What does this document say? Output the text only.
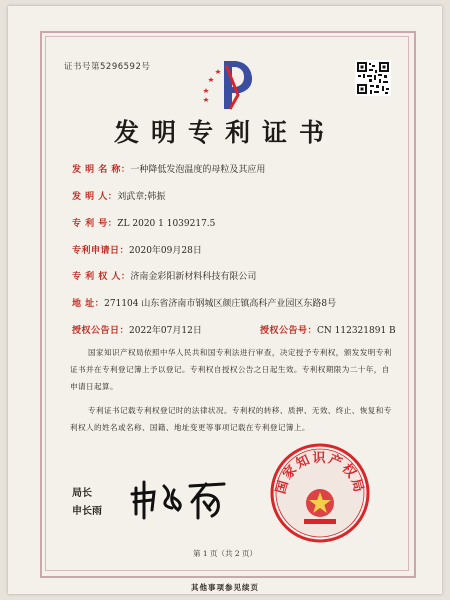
证书号第5296592号
发明专利证书
发 明 名 称：一种降低发泡温度的母粒及其应用
发 明 人：刘武章;韩振
专 利 号：ZL 2020 1 1039217.5
专利申请日：2020年09月28日
专 利 权 人：济南金彩阳新材料科技有限公司
地 址：271104 山东省济南市钢城区颜庄镇高科产业园区东路8号
授权公告日：2022年07月12日	授权公告号：CN 112321891 B
国家知识产权局依照中华人民共和国专利法进行审查，决定授予专利权，颁发发明专利证书并在专利登记簿上予以登记。专利权自授权公告之日起生效。专利权期限为二十年，自申请日起算。
专利证书记载专利权登记时的法律状况。专利权的转移、质押、无效、终止、恢复和专利权人的姓名或名称、国籍、地址变更等事项记载在专利登记簿上。
局长
申长雨
国家知识产权局
第 1 页（共 2 页）
其他事项参见续页
